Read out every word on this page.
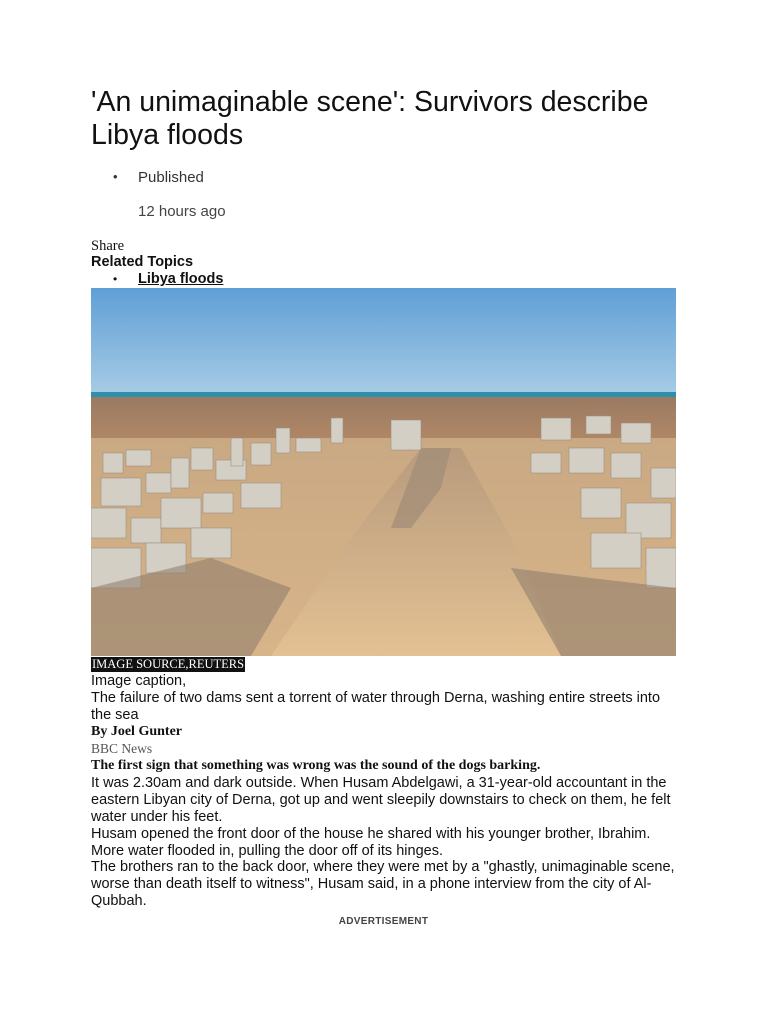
'An unimaginable scene': Survivors describe Libya floods
• Published
12 hours ago
Share
Related Topics
• Libya floods
IMAGE SOURCE,REUTERS

Image caption,

The failure of two dams sent a torrent of water through Derna, washing entire streets into the sea

By Joel Gunter
BBC News
The first sign that something was wrong was the sound of the dogs barking.

It was 2.30am and dark outside. When Husam Abdelgawi, a 31-year-old accountant in the eastern Libyan city of Derna, got up and went sleepily downstairs to check on them, he felt water under his feet.

Husam opened the front door of the house he shared with his younger brother, Ibrahim. More water flooded in, pulling the door off of its hinges.

The brothers ran to the back door, where they were met by a "ghastly, unimaginable scene, worse than death itself to witness", Husam said, in a phone interview from the city of Al-Qubbah.

ADVERTISEMENT
